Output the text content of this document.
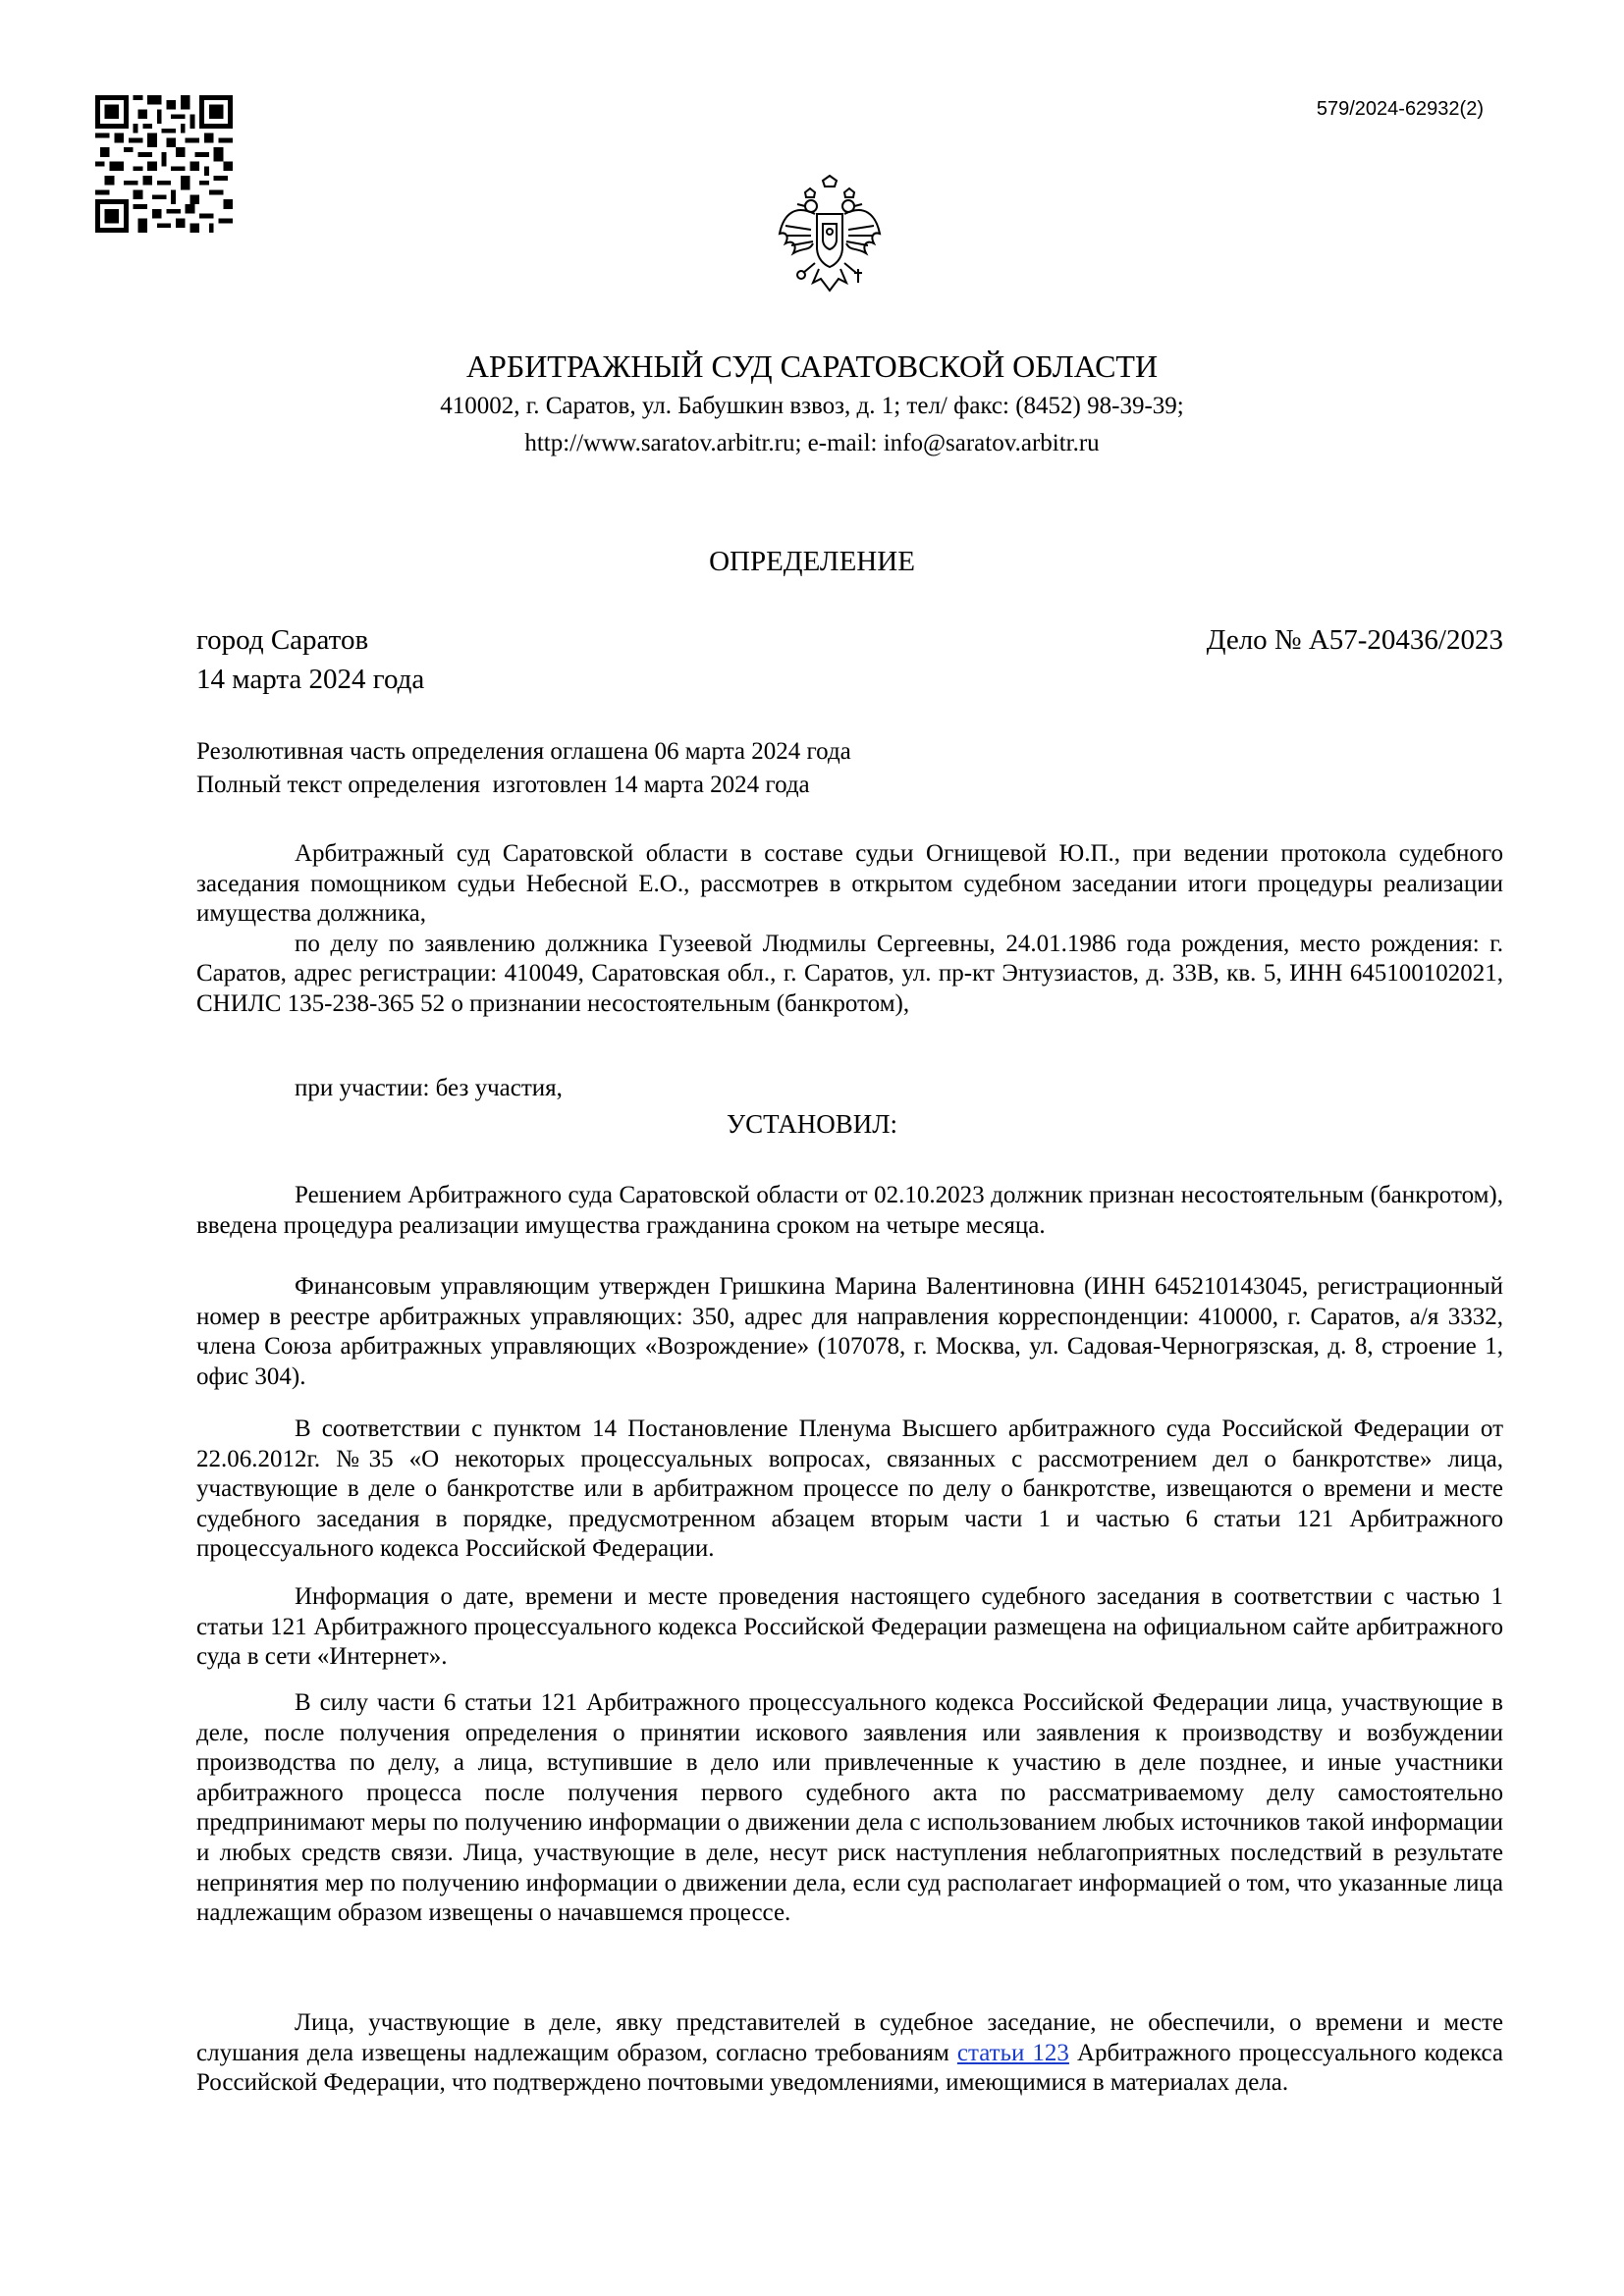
579/2024-62932(2)
АРБИТРАЖНЫЙ СУД САРАТОВСКОЙ ОБЛАСТИ
410002, г. Саратов, ул. Бабушкин взвоз, д. 1; тел/ факс: (8452) 98-39-39;
http://www.saratov.arbitr.ru; e-mail: info@saratov.arbitr.ru
ОПРЕДЕЛЕНИЕ
город Саратов
14 марта 2024 года
Дело № А57-20436/2023
Резолютивная часть определения оглашена 06 марта 2024 года
Полный текст определения  изготовлен 14 марта 2024 года

Арбитражный суд Саратовской области в составе судьи Огнищевой Ю.П., при ведении протокола судебного заседания помощником судьи Небесной Е.О., рассмотрев в открытом судебном заседании итоги процедуры реализации имущества должника,

по делу по заявлению должника Гузеевой Людмилы Сергеевны, 24.01.1986 года рождения, место рождения: г. Саратов, адрес регистрации: 410049, Саратовская обл., г. Саратов, ул. пр-кт Энтузиастов, д. 33В, кв. 5, ИНН 645100102021, СНИЛС 135-238-365 52 о признании несостоятельным (банкротом),

при участии: без участия,

УСТАНОВИЛ:

Решением Арбитражного суда Саратовской области от 02.10.2023 должник признан несостоятельным (банкротом), введена процедура реализации имущества гражданина сроком на четыре месяца.

Финансовым управляющим утвержден Гришкина Марина Валентиновна (ИНН 645210143045, регистрационный номер в реестре арбитражных управляющих: 350, адрес для направления корреспонденции: 410000, г. Саратов, а/я 3332, члена Союза арбитражных управляющих «Возрождение» (107078, г. Москва, ул. Садовая-Черногрязская, д. 8, строение 1, офис 304).

В соответствии с пунктом 14 Постановление Пленума Высшего арбитражного суда Российской Федерации от 22.06.2012г. №35 «О некоторых процессуальных вопросах, связанных с рассмотрением дел о банкротстве» лица, участвующие в деле о банкротстве или в арбитражном процессе по делу о банкротстве, извещаются о времени и месте судебного заседания в порядке, предусмотренном абзацем вторым части 1 и частью 6 статьи 121 Арбитражного процессуального кодекса Российской Федерации.

Информация о дате, времени и месте проведения настоящего судебного заседания в соответствии с частью 1 статьи 121 Арбитражного процессуального кодекса Российской Федерации размещена на официальном сайте арбитражного суда в сети «Интернет».

В силу части 6 статьи 121 Арбитражного процессуального кодекса Российской Федерации лица, участвующие в деле, после получения определения о принятии искового заявления или заявления к производству и возбуждении производства по делу, а лица, вступившие в дело или привлеченные к участию в деле позднее, и иные участники арбитражного процесса после получения первого судебного акта по рассматриваемому делу самостоятельно предпринимают меры по получению информации о движении дела с использованием любых источников такой информации и любых средств связи. Лица, участвующие в деле, несут риск наступления неблагоприятных последствий в результате непринятия мер по получению информации о движении дела, если суд располагает информацией о том, что указанные лица надлежащим образом извещены о начавшемся процессе.

Лица, участвующие в деле, явку представителей в судебное заседание, не обеспечили, о времени и месте слушания дела извещены надлежащим образом, согласно требованиям статьи 123 Арбитражного процессуального кодекса Российской Федерации, что подтверждено почтовыми уведомлениями, имеющимися в материалах дела.
